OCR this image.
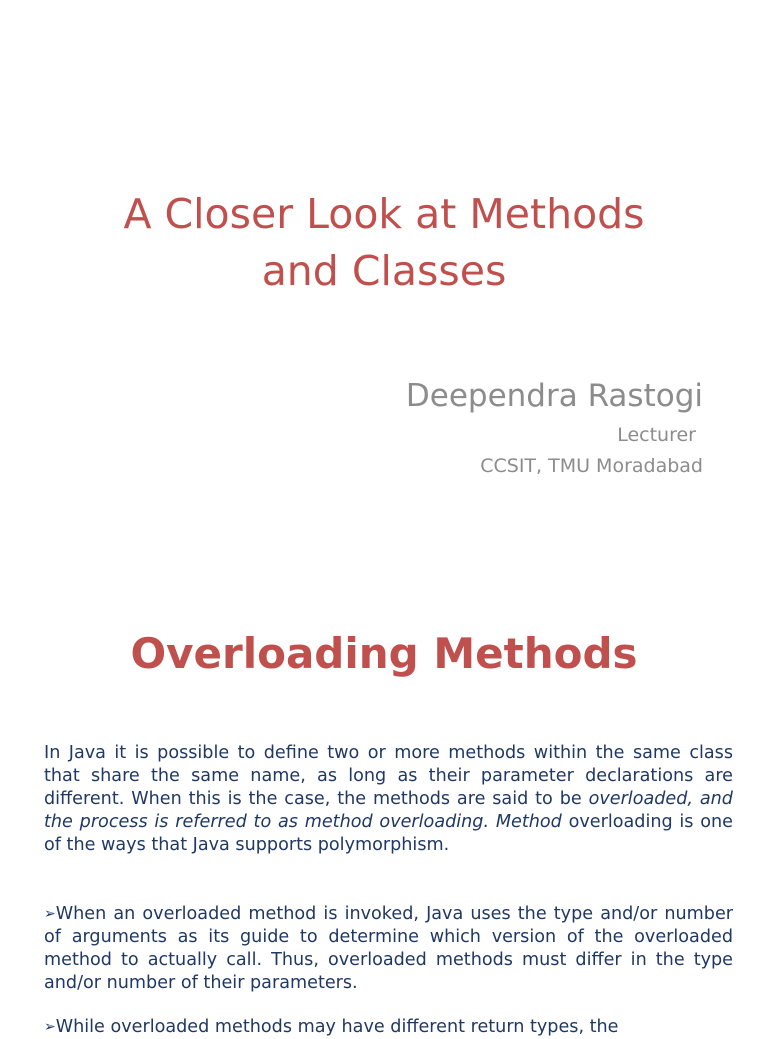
A Closer Look at Methods
and Classes

Deependra Rastogi

Lecturer
CCSIT, TMU Moradabad
Overloading Methods

In Java it is possible to define two or more methods within the same class that share the same name, as long as their parameter declarations are different. When this is the case, the methods are said to be overloaded, and the process is referred to as method overloading. Method overloading is one of the ways that Java supports polymorphism.

➢When an overloaded method is invoked, Java uses the type and/or number of arguments as its guide to determine which version of the overloaded method to actually call. Thus, overloaded methods must differ in the type and/or number of their parameters.

➢While overloaded methods may have different return types, the
